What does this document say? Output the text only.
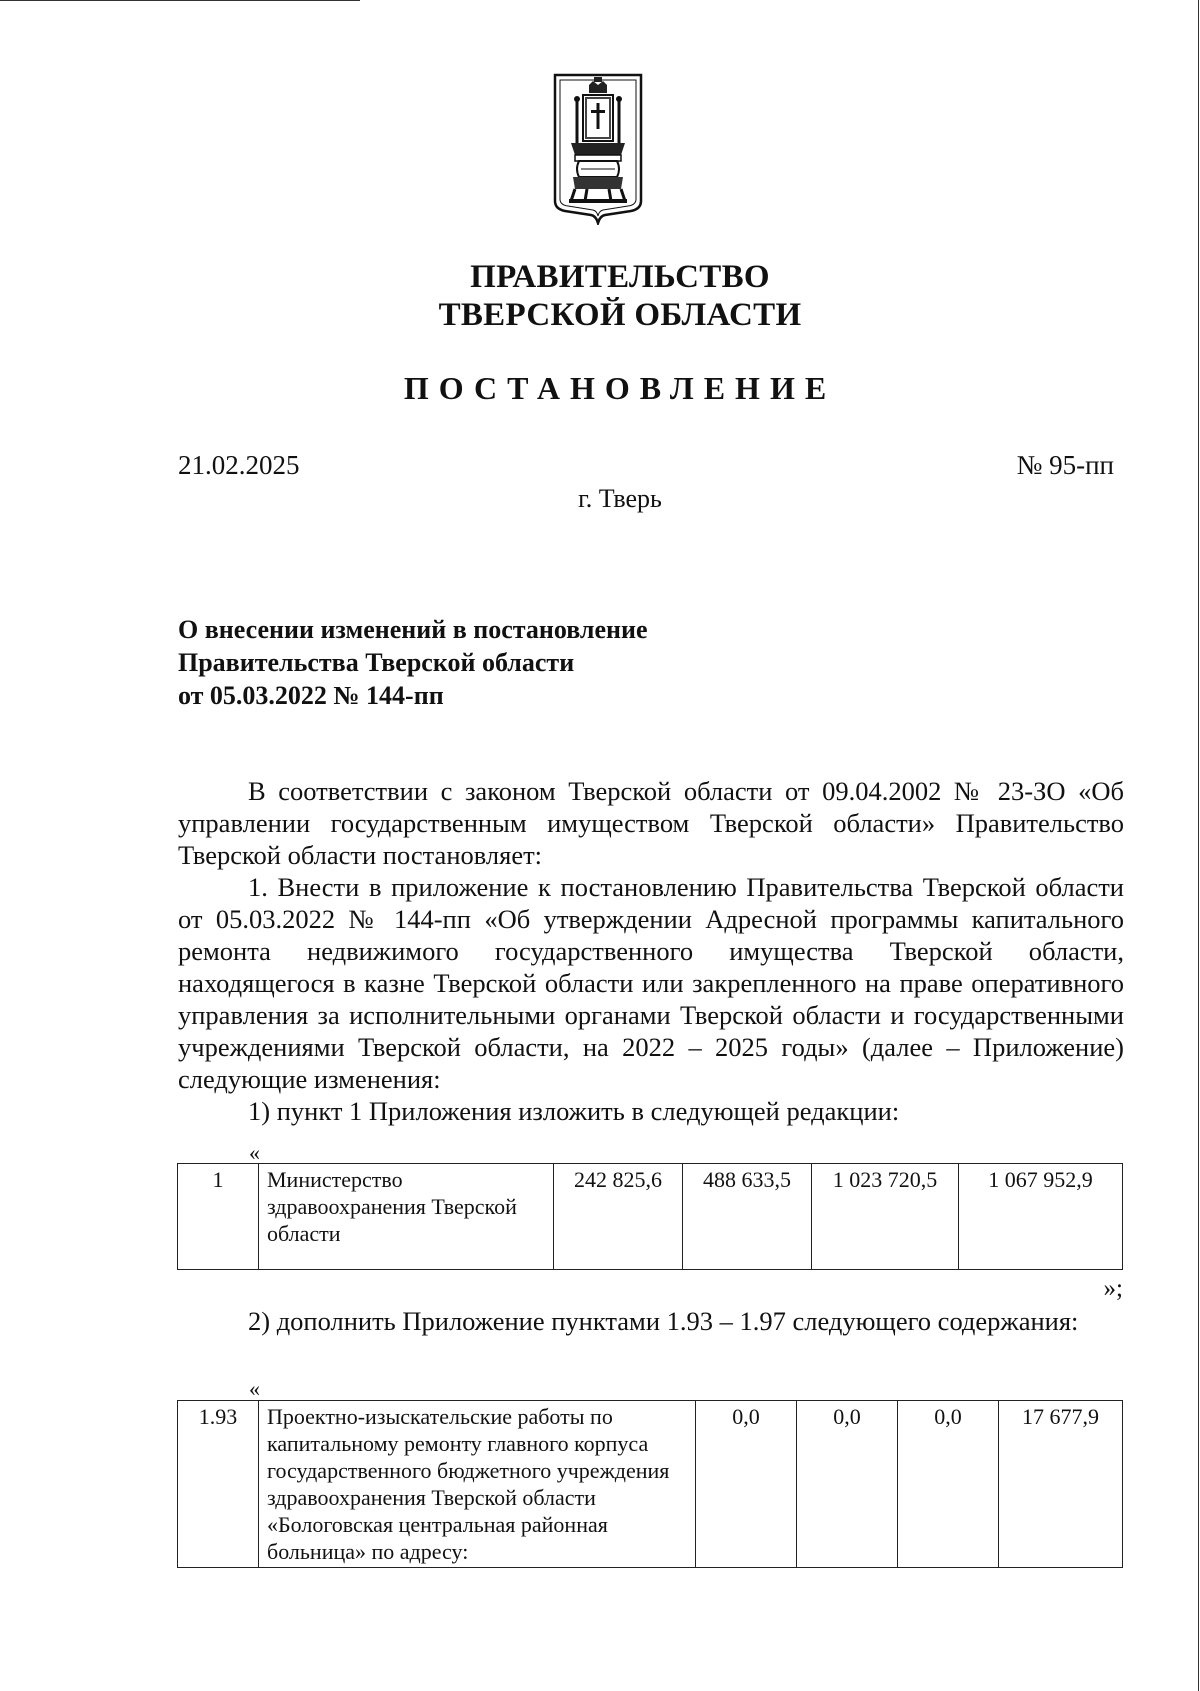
ПРАВИТЕЛЬСТВО
ТВЕРСКОЙ ОБЛАСТИ
ПОСТАНОВЛЕНИЕ
21.02.2025	№ 95-пп
г. Тверь
О внесении изменений в постановление
Правительства Тверской области
от 05.03.2022 № 144-пп

В соответствии с законом Тверской области от 09.04.2002 № 23-ЗО «Об управлении государственным имуществом Тверской области» Правительство Тверской области постановляет:

1. Внести в приложение к постановлению Правительства Тверской области от 05.03.2022 № 144-пп «Об утверждении Адресной программы капитального ремонта недвижимого государственного имущества Тверской области, находящегося в казне Тверской области или закрепленного на праве оперативного управления за исполнительными органами Тверской области и государственными учреждениями Тверской области, на 2022 – 2025 годы» (далее – Приложение) следующие изменения:

1) пункт 1 Приложения изложить в следующей редакции:

«
1	Министерство здравоохранения Тверской области	242 825,6	488 633,5	1 023 720,5	1 067 952,9
»;

2) дополнить Приложение пунктами 1.93 – 1.97 следующего содержания:

«
1.93	Проектно-изыскательские работы по капитальному ремонту главного корпуса государственного бюджетного учреждения здравоохранения Тверской области «Бологовская центральная районная больница» по адресу:	0,0	0,0	0,0	17 677,9
